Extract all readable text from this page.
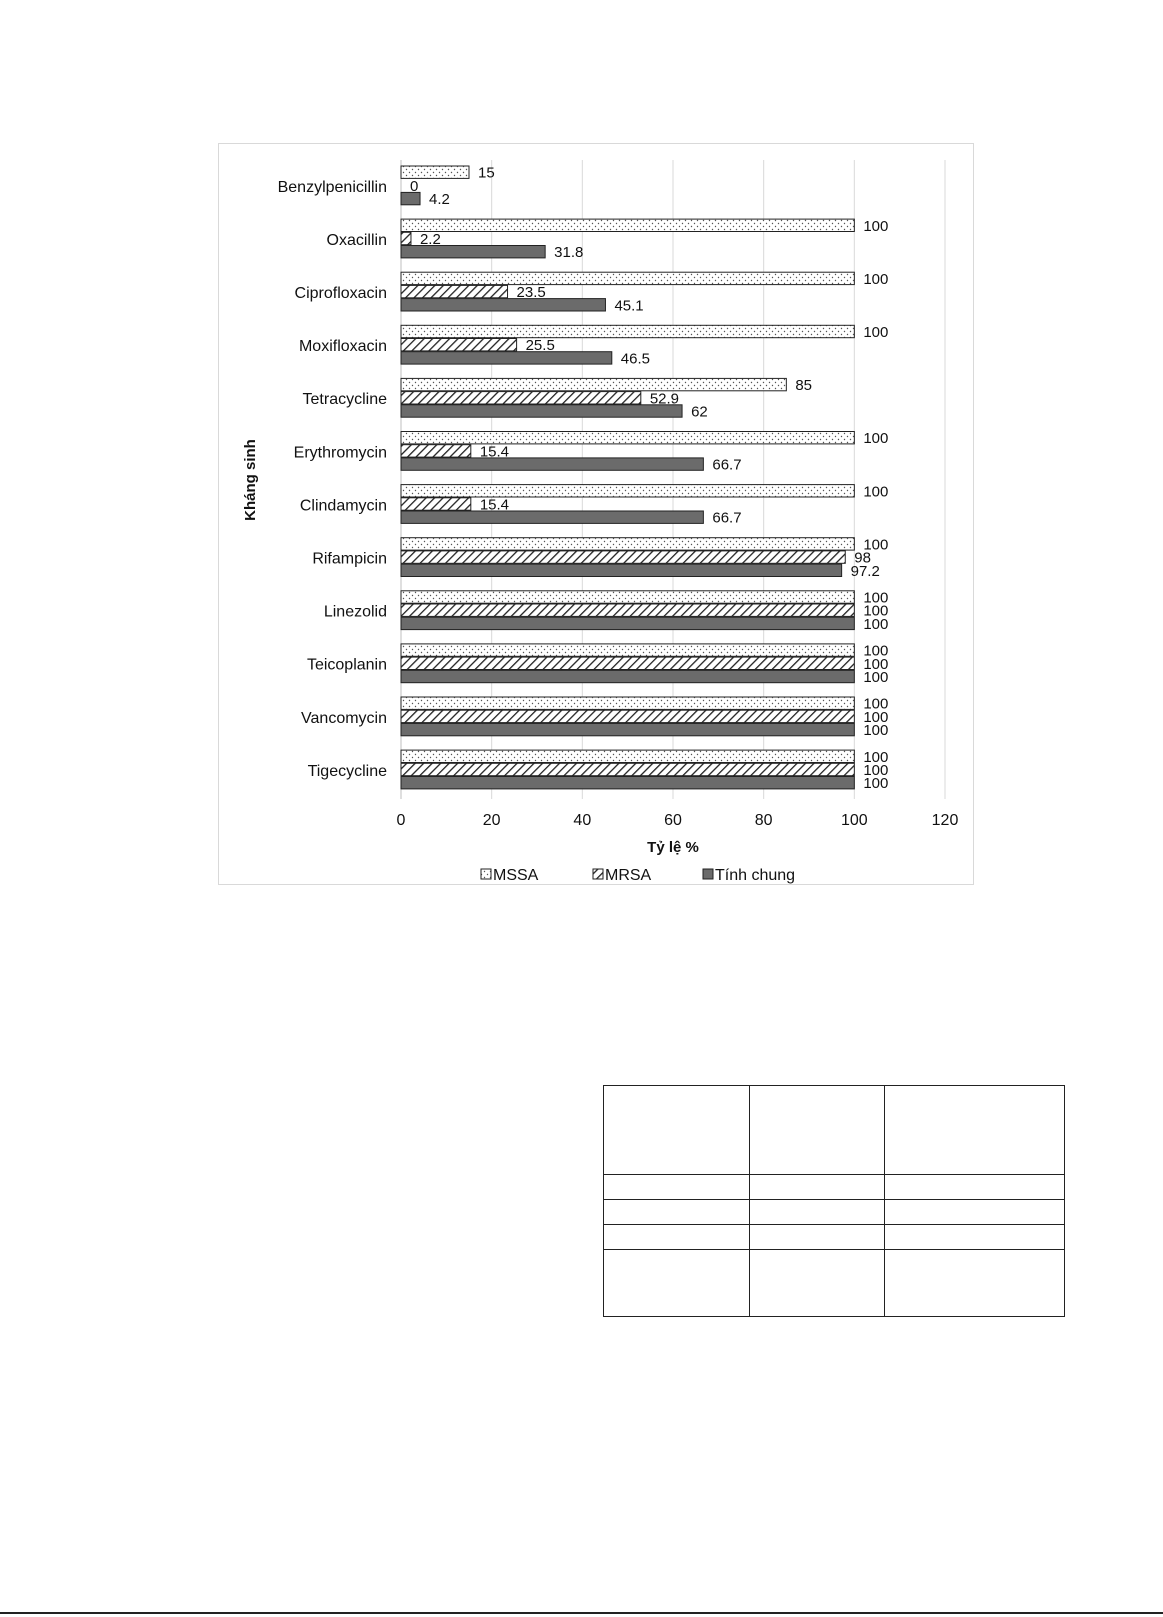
0	20	40	60	80	100	120
Benzylpenicillin
15
0
4.2
Oxacillin
100
2.2
31.8
Ciprofloxacin
100
23.5
45.1
Moxifloxacin
100
25.5
46.5
Tetracycline
85
52.9
62
Erythromycin
100
15.4
66.7
Clindamycin
100
15.4
66.7
Rifampicin
100
98
97.2
Linezolid
100
100
100
Teicoplanin
100
100
100
Vancomycin
100
100
100
Tigecycline
100
100
100
Tỷ lệ %
Kháng sinh
MSSA	MRSA	Tính chung
